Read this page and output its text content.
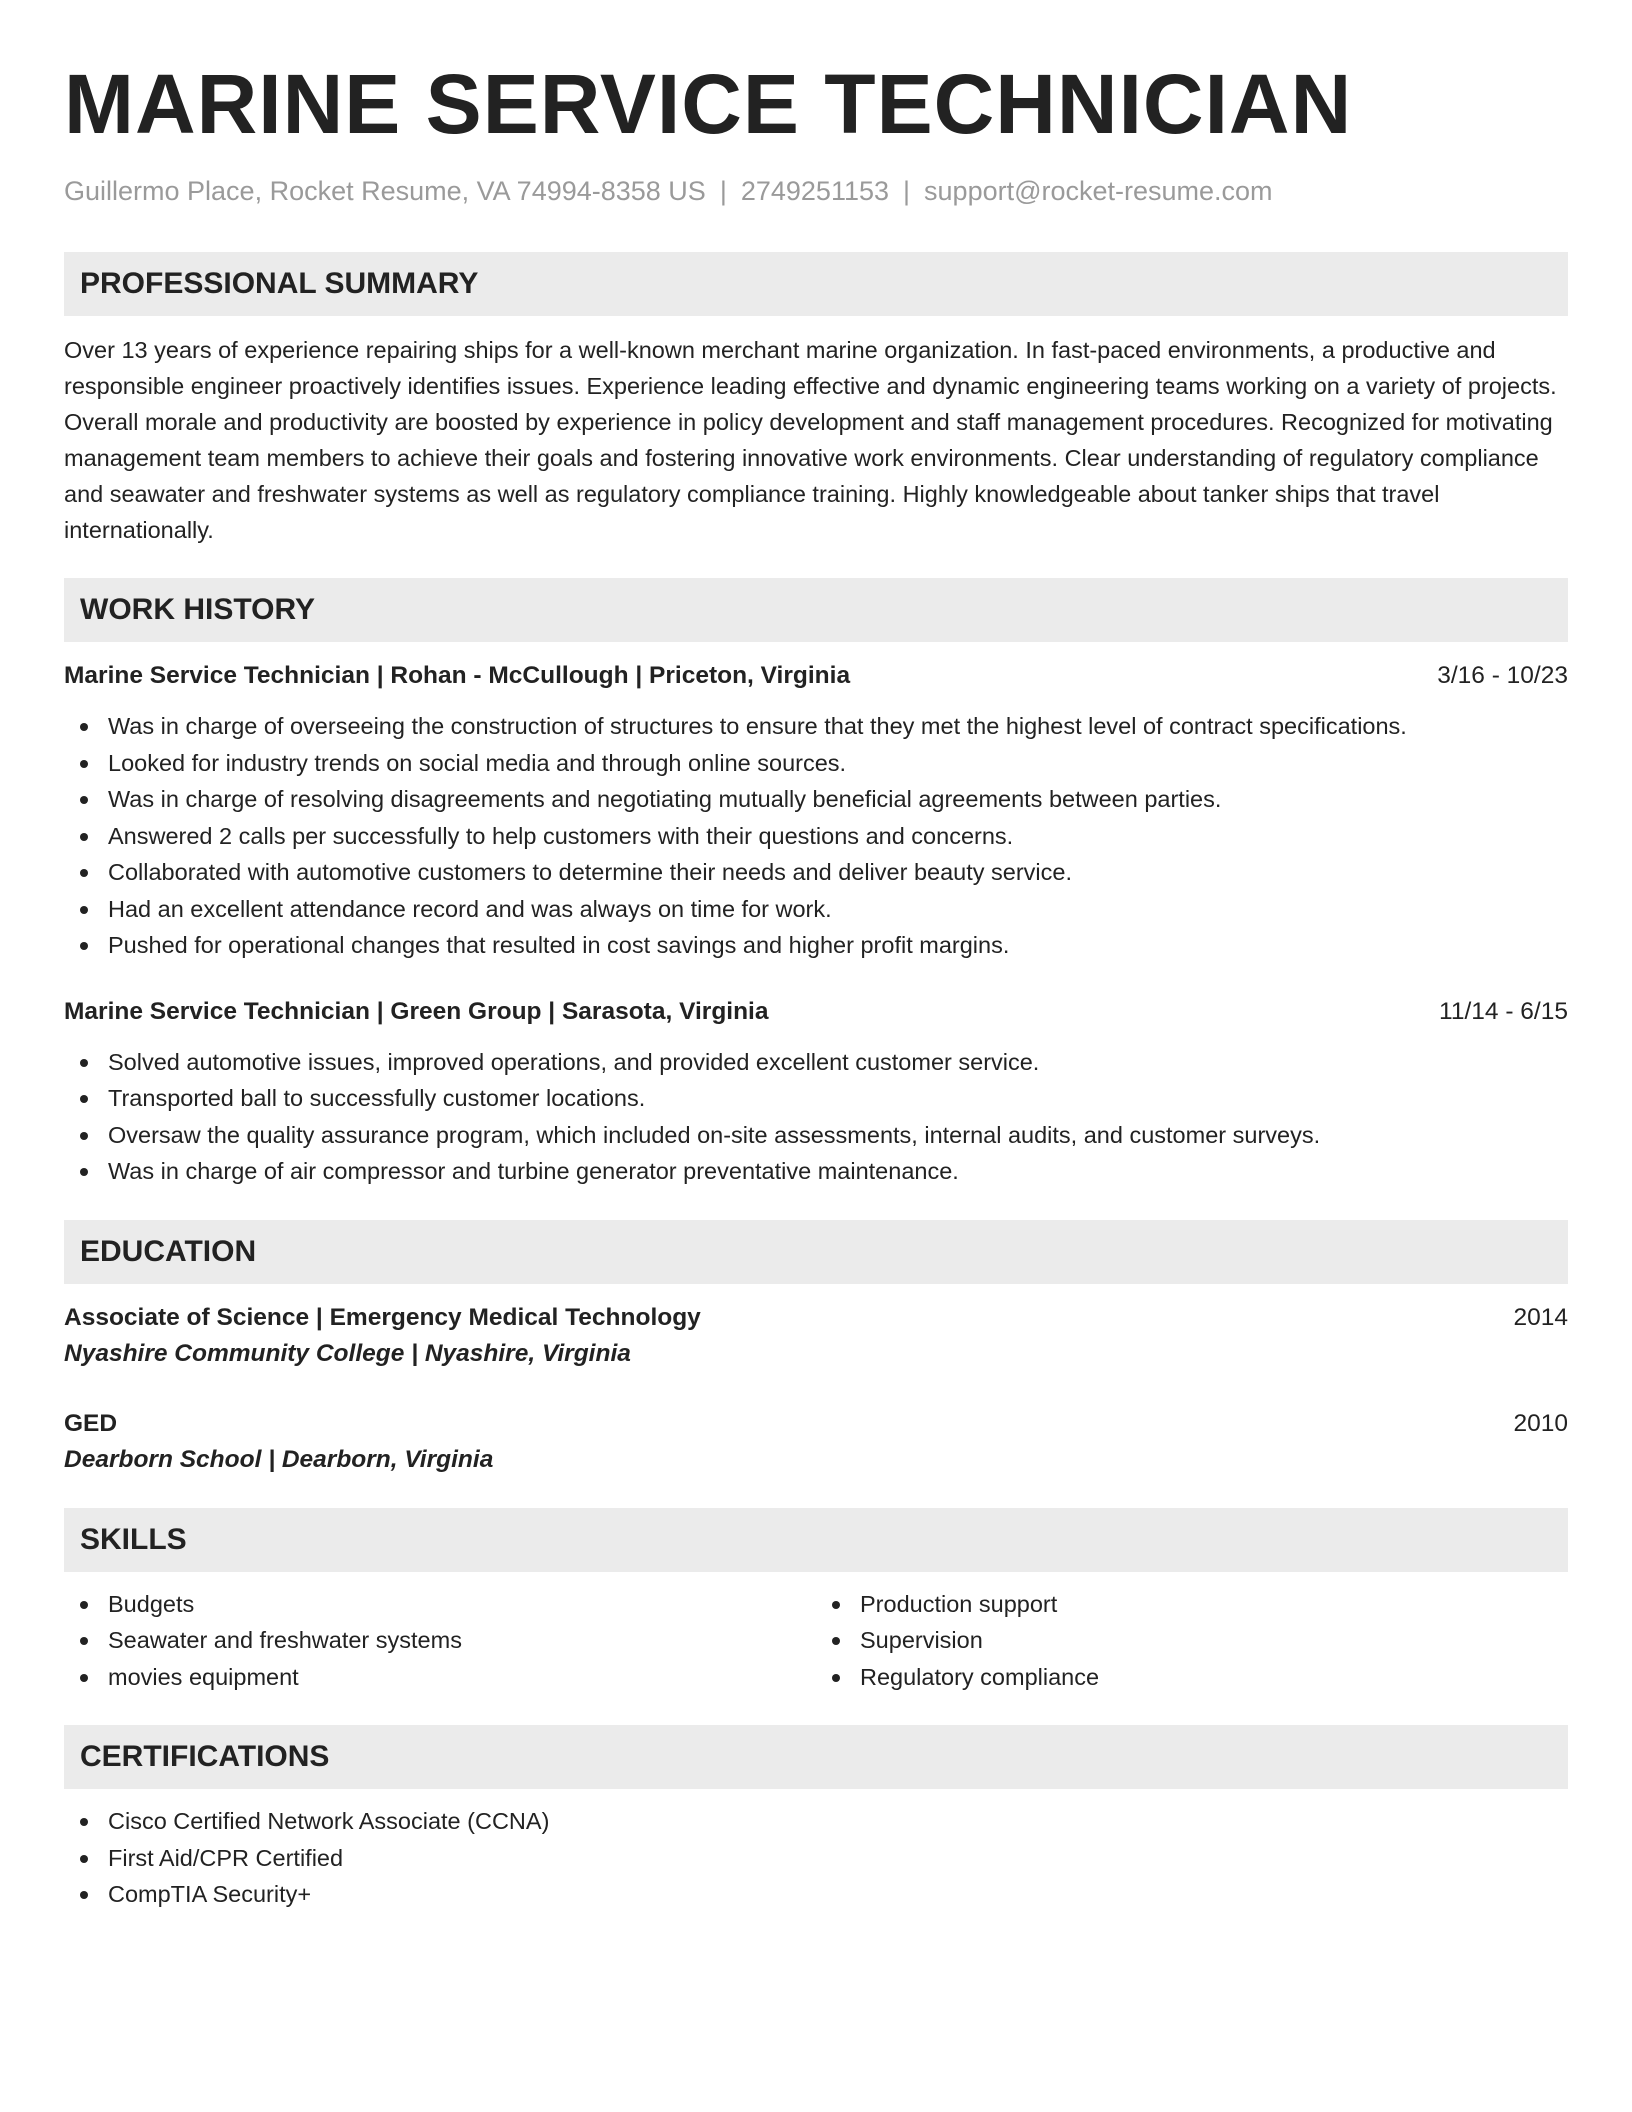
MARINE SERVICE TECHNICIAN
Guillermo Place, Rocket Resume, VA 74994-8358 US | 2749251153 | support@rocket-resume.com
PROFESSIONAL SUMMARY
Over 13 years of experience repairing ships for a well-known merchant marine organization. In fast-paced environments, a productive and responsible engineer proactively identifies issues. Experience leading effective and dynamic engineering teams working on a variety of projects. Overall morale and productivity are boosted by experience in policy development and staff management procedures. Recognized for motivating management team members to achieve their goals and fostering innovative work environments. Clear understanding of regulatory compliance and seawater and freshwater systems as well as regulatory compliance training. Highly knowledgeable about tanker ships that travel internationally.
WORK HISTORY
Marine Service Technician | Rohan - McCullough | Priceton, Virginia	3/16 - 10/23
Was in charge of overseeing the construction of structures to ensure that they met the highest level of contract specifications.
Looked for industry trends on social media and through online sources.
Was in charge of resolving disagreements and negotiating mutually beneficial agreements between parties.
Answered 2 calls per successfully to help customers with their questions and concerns.
Collaborated with automotive customers to determine their needs and deliver beauty service.
Had an excellent attendance record and was always on time for work.
Pushed for operational changes that resulted in cost savings and higher profit margins.
Marine Service Technician | Green Group | Sarasota, Virginia	11/14 - 6/15
Solved automotive issues, improved operations, and provided excellent customer service.
Transported ball to successfully customer locations.
Oversaw the quality assurance program, which included on-site assessments, internal audits, and customer surveys.
Was in charge of air compressor and turbine generator preventative maintenance.
EDUCATION
Associate of Science | Emergency Medical Technology	2014
Nyashire Community College | Nyashire, Virginia
GED	2010
Dearborn School | Dearborn, Virginia
SKILLS
Budgets
Seawater and freshwater systems
movies equipment
Production support
Supervision
Regulatory compliance
CERTIFICATIONS
Cisco Certified Network Associate (CCNA)
First Aid/CPR Certified
CompTIA Security+
